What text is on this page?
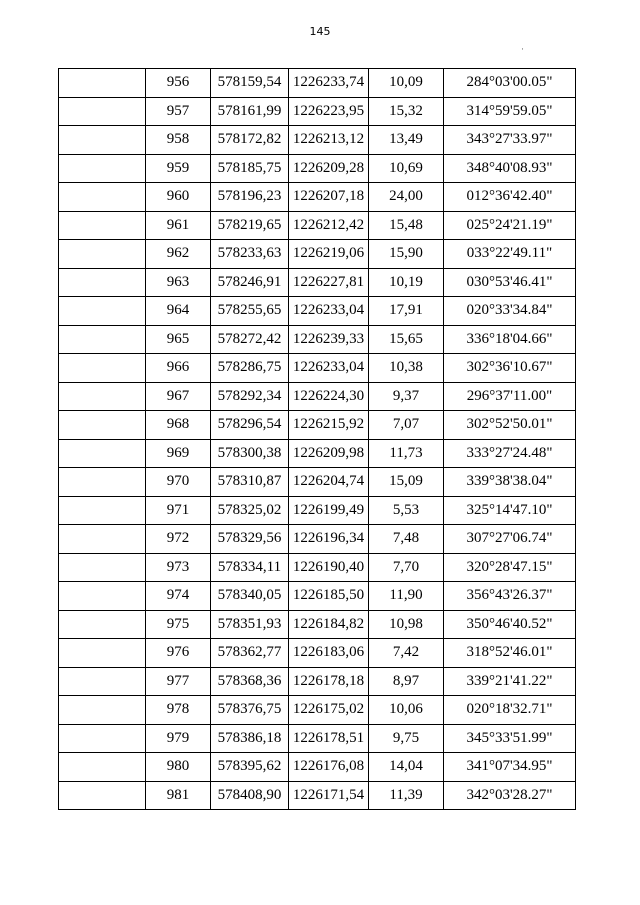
145
·
	956	578159,54	1226233,74	10,09	284°03'00.05"
	957	578161,99	1226223,95	15,32	314°59'59.05"
	958	578172,82	1226213,12	13,49	343°27'33.97"
	959	578185,75	1226209,28	10,69	348°40'08.93"
	960	578196,23	1226207,18	24,00	012°36'42.40"
	961	578219,65	1226212,42	15,48	025°24'21.19"
	962	578233,63	1226219,06	15,90	033°22'49.11"
	963	578246,91	1226227,81	10,19	030°53'46.41"
	964	578255,65	1226233,04	17,91	020°33'34.84"
	965	578272,42	1226239,33	15,65	336°18'04.66"
	966	578286,75	1226233,04	10,38	302°36'10.67"
	967	578292,34	1226224,30	9,37	296°37'11.00"
	968	578296,54	1226215,92	7,07	302°52'50.01"
	969	578300,38	1226209,98	11,73	333°27'24.48"
	970	578310,87	1226204,74	15,09	339°38'38.04"
	971	578325,02	1226199,49	5,53	325°14'47.10"
	972	578329,56	1226196,34	7,48	307°27'06.74"
	973	578334,11	1226190,40	7,70	320°28'47.15"
	974	578340,05	1226185,50	11,90	356°43'26.37"
	975	578351,93	1226184,82	10,98	350°46'40.52"
	976	578362,77	1226183,06	7,42	318°52'46.01"
	977	578368,36	1226178,18	8,97	339°21'41.22"
	978	578376,75	1226175,02	10,06	020°18'32.71"
	979	578386,18	1226178,51	9,75	345°33'51.99"
	980	578395,62	1226176,08	14,04	341°07'34.95"
	981	578408,90	1226171,54	11,39	342°03'28.27"
